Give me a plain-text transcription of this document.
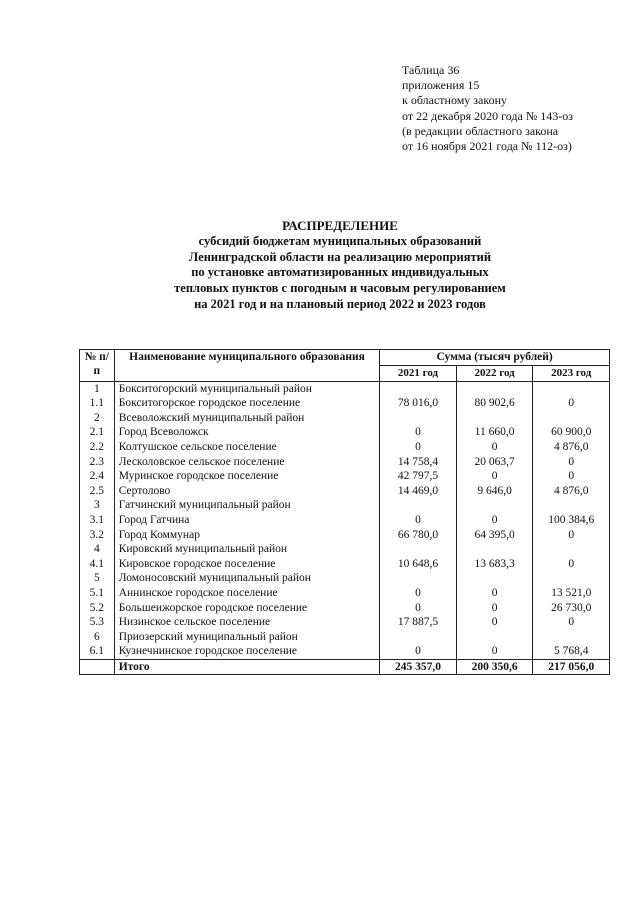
Таблица 36
приложения 15
к областному закону
от 22 декабря 2020 года № 143-оз
(в редакции областного закона
от 16 ноября 2021 года № 112-оз)
РАСПРЕДЕЛЕНИЕ
субсидий бюджетам муниципальных образований
Ленинградской области на реализацию мероприятий
по установке автоматизированных индивидуальных
тепловых пунктов с погодным и часовым регулированием
на 2021 год и на плановый период 2022 и 2023 годов
№ п/п	Наименование муниципального образования	Сумма (тысяч рублей)		
		2021 год	2022 год	2023 год
1	Бокситогорский муниципальный район			
1.1	Бокситогорское городское поселение	78 016,0	80 902,6	0
2	Всеволожский муниципальный район			
2.1	Город Всеволожск	0	11 660,0	60 900,0
2.2	Колтушское сельское поселение	0	0	4 876,0
2.3	Лесколовское сельское поселение	14 758,4	20 063,7	0
2.4	Муринское городское поселение	42 797,5	0	0
2.5	Сертолово	14 469,0	9 646,0	4 876,0
3	Гатчинский муниципальный район			
3.1	Город Гатчина	0	0	100 384,6
3.2	Город Коммунар	66 780,0	64 395,0	0
4	Кировский муниципальный район			
4.1	Кировское городское поселение	10 648,6	13 683,3	0
5	Ломоносовский муниципальный район			
5.1	Аннинское городское поселение	0	0	13 521,0
5.2	Большеижорское городское поселение	0	0	26 730,0
5.3	Низинское сельское поселение	17 887,5	0	0
6	Приозерский муниципальный район			
6.1	Кузнечнинское городское поселение	0	0	5 768,4
	Итого	245 357,0	200 350,6	217 056,0
